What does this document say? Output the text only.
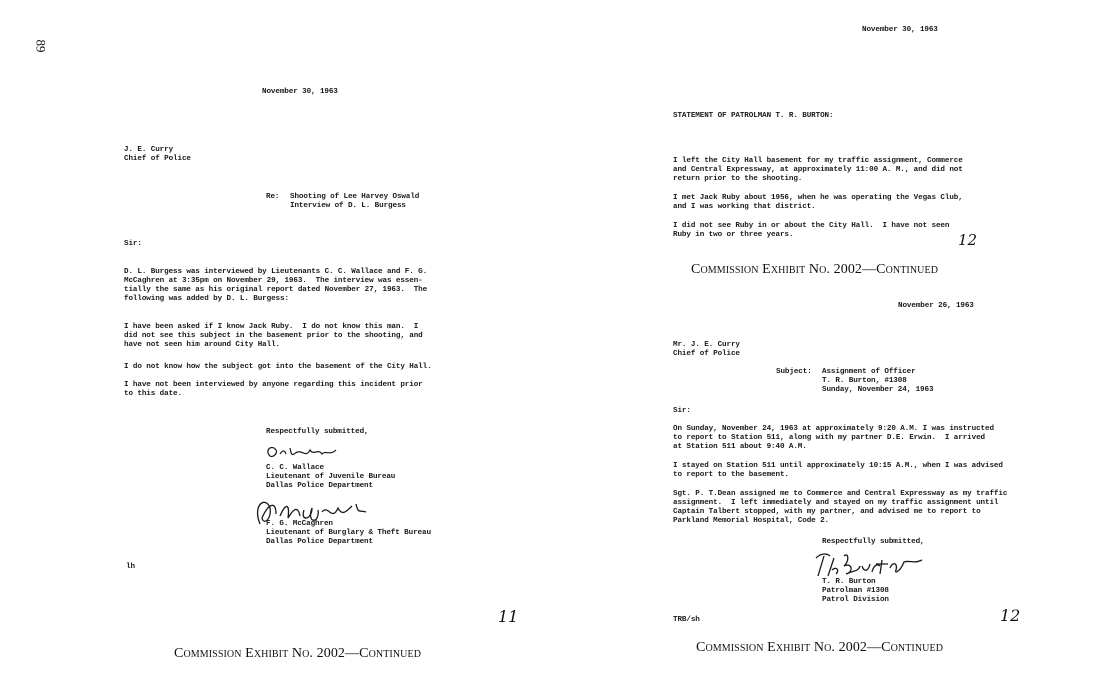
89
November 30, 1963
J. E. Curry
Chief of Police
Re: Shooting of Lee Harvey Oswald
Interview of D. L. Burgess
Sir:
D. L. Burgess was interviewed by Lieutenants C. C. Wallace and F. G.
McCaghren at 3:35pm on November 29, 1963.  The interview was essen-
tially the same as his original report dated November 27, 1963.  The
following was added by D. L. Burgess:
I have been asked if I know Jack Ruby.  I do not know this man.  I
did not see this subject in the basement prior to the shooting, and
have not seen him around City Hall.
I do not know how the subject got into the basement of the City Hall.
I have not been interviewed by anyone regarding this incident prior
to this date.
Respectfully submitted,
C. C. Wallace
Lieutenant of Juvenile Bureau
Dallas Police Department
F. G. McCaghren
Lieutenant of Burglary & Theft Bureau
Dallas Police Department
lh
11
Commission Exhibit No. 2002—Continued
November 30, 1963
STATEMENT OF PATROLMAN T. R. BURTON:
I left the City Hall basement for my traffic assignment, Commerce
and Central Expressway, at approximately 11:00 A. M., and did not
return prior to the shooting.
I met Jack Ruby about 1956, when he was operating the Vegas Club,
and I was working that district.
I did not see Ruby in or about the City Hall.  I have not seen
Ruby in two or three years.	12
Commission Exhibit No. 2002—Continued
November 26, 1963
Mr. J. E. Curry
Chief of Police
Subject: Assignment of Officer
T. R. Burton, #1308
Sunday, November 24, 1963
Sir:
On Sunday, November 24, 1963 at approximately 9:20 A.M. I was instructed
to report to Station 511, along with my partner D.E. Erwin.  I arrived
at Station 511 about 9:40 A.M.
I stayed on Station 511 until approximately 10:15 A.M., when I was advised
to report to the basement.
Sgt. P. T.Dean assigned me to Commerce and Central Expressway as my traffic
assignment.  I left immediately and stayed on my traffic assignment until
Captain Talbert stopped, with my partner, and advised me to report to
Parkland Memorial Hospital, Code 2.
Respectfully submitted,
T. R. Burton
Patrolman #1308
Patrol Division
TRB/sh	12
Commission Exhibit No. 2002—Continued
